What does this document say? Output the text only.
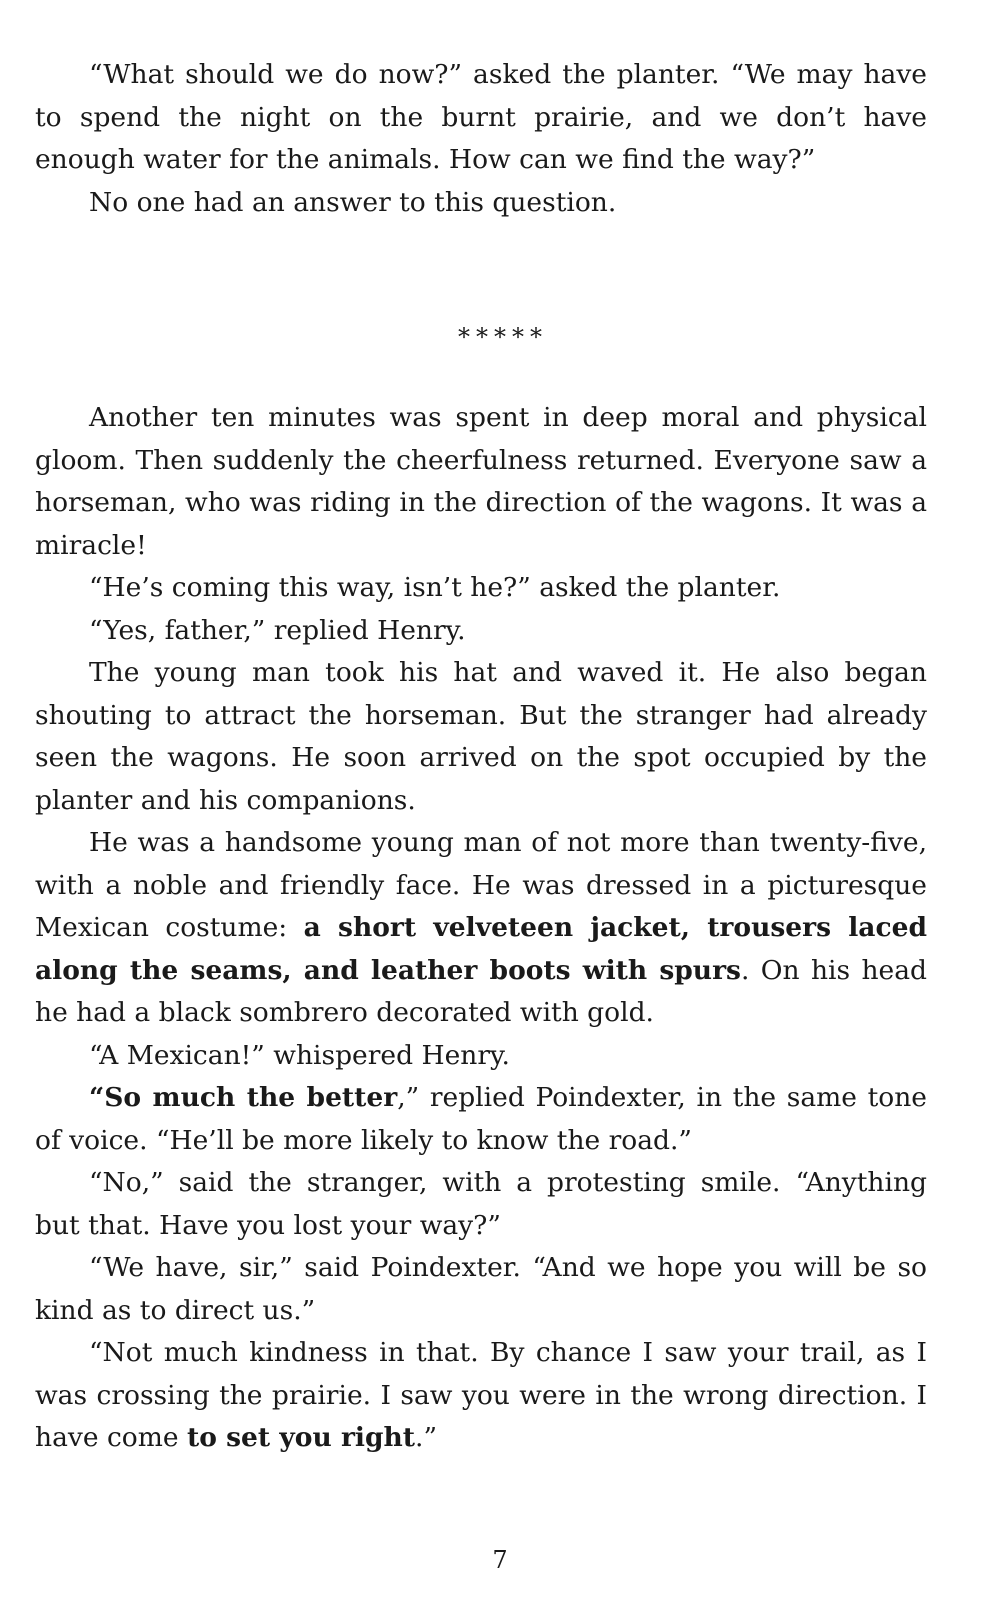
“What should we do now?” asked the planter. “We may have to spend the night on the burnt prairie, and we don’t have enough water for the animals. How can we find the way?”

No one had an answer to this question.

*****

Another ten minutes was spent in deep moral and physical gloom. Then suddenly the cheerfulness returned. Everyone saw a horseman, who was riding in the direction of the wagons. It was a miracle!

“He’s coming this way, isn’t he?” asked the planter.

“Yes, father,” replied Henry.

The young man took his hat and waved it. He also began shouting to attract the horseman. But the stranger had already seen the wagons. He soon arrived on the spot occupied by the planter and his companions.

He was a handsome young man of not more than twenty-five, with a noble and friendly face. He was dressed in a picturesque Mexican costume: a short velveteen jacket, trousers laced along the seams, and leather boots with spurs. On his head he had a black sombrero decorated with gold.

“A Mexican!” whispered Henry.

“So much the better,” replied Poindexter, in the same tone of voice. “He’ll be more likely to know the road.”

“No,” said the stranger, with a protesting smile. “Anything but that. Have you lost your way?”

“We have, sir,” said Poindexter. “And we hope you will be so kind as to direct us.”

“Not much kindness in that. By chance I saw your trail, as I was crossing the prairie. I saw you were in the wrong direction. I have come to set you right.”

7
